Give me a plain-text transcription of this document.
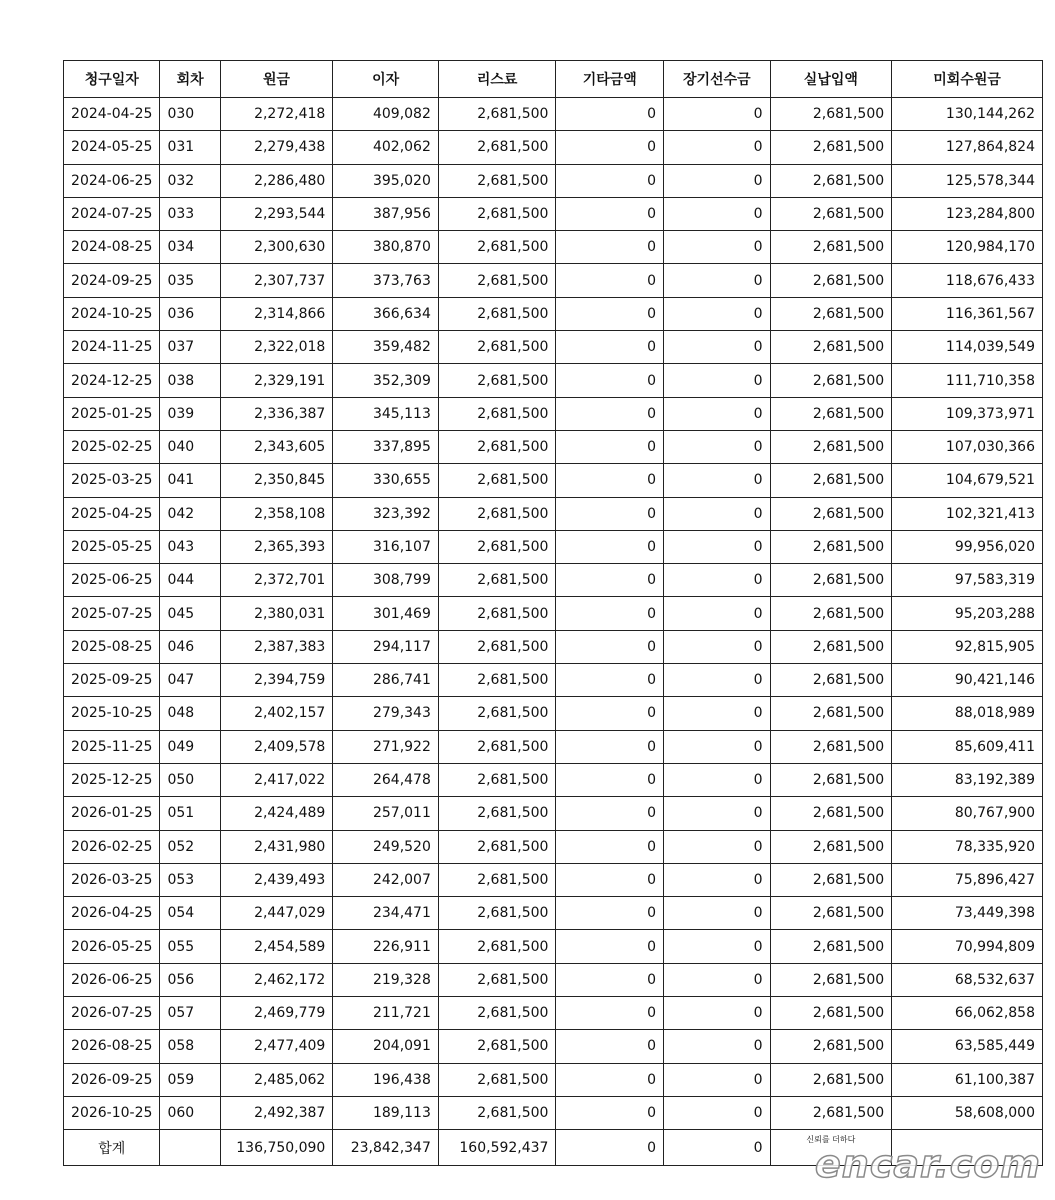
청구일자	회차	원금	이자	리스료	기타금액	장기선수금	실납입액	미회수원금
2024-04-25	030	2,272,418	409,082	2,681,500	0	0	2,681,500	130,144,262
2024-05-25	031	2,279,438	402,062	2,681,500	0	0	2,681,500	127,864,824
2024-06-25	032	2,286,480	395,020	2,681,500	0	0	2,681,500	125,578,344
2024-07-25	033	2,293,544	387,956	2,681,500	0	0	2,681,500	123,284,800
2024-08-25	034	2,300,630	380,870	2,681,500	0	0	2,681,500	120,984,170
2024-09-25	035	2,307,737	373,763	2,681,500	0	0	2,681,500	118,676,433
2024-10-25	036	2,314,866	366,634	2,681,500	0	0	2,681,500	116,361,567
2024-11-25	037	2,322,018	359,482	2,681,500	0	0	2,681,500	114,039,549
2024-12-25	038	2,329,191	352,309	2,681,500	0	0	2,681,500	111,710,358
2025-01-25	039	2,336,387	345,113	2,681,500	0	0	2,681,500	109,373,971
2025-02-25	040	2,343,605	337,895	2,681,500	0	0	2,681,500	107,030,366
2025-03-25	041	2,350,845	330,655	2,681,500	0	0	2,681,500	104,679,521
2025-04-25	042	2,358,108	323,392	2,681,500	0	0	2,681,500	102,321,413
2025-05-25	043	2,365,393	316,107	2,681,500	0	0	2,681,500	99,956,020
2025-06-25	044	2,372,701	308,799	2,681,500	0	0	2,681,500	97,583,319
2025-07-25	045	2,380,031	301,469	2,681,500	0	0	2,681,500	95,203,288
2025-08-25	046	2,387,383	294,117	2,681,500	0	0	2,681,500	92,815,905
2025-09-25	047	2,394,759	286,741	2,681,500	0	0	2,681,500	90,421,146
2025-10-25	048	2,402,157	279,343	2,681,500	0	0	2,681,500	88,018,989
2025-11-25	049	2,409,578	271,922	2,681,500	0	0	2,681,500	85,609,411
2025-12-25	050	2,417,022	264,478	2,681,500	0	0	2,681,500	83,192,389
2026-01-25	051	2,424,489	257,011	2,681,500	0	0	2,681,500	80,767,900
2026-02-25	052	2,431,980	249,520	2,681,500	0	0	2,681,500	78,335,920
2026-03-25	053	2,439,493	242,007	2,681,500	0	0	2,681,500	75,896,427
2026-04-25	054	2,447,029	234,471	2,681,500	0	0	2,681,500	73,449,398
2026-05-25	055	2,454,589	226,911	2,681,500	0	0	2,681,500	70,994,809
2026-06-25	056	2,462,172	219,328	2,681,500	0	0	2,681,500	68,532,637
2026-07-25	057	2,469,779	211,721	2,681,500	0	0	2,681,500	66,062,858
2026-08-25	058	2,477,409	204,091	2,681,500	0	0	2,681,500	63,585,449
2026-09-25	059	2,485,062	196,438	2,681,500	0	0	2,681,500	61,100,387
2026-10-25	060	2,492,387	189,113	2,681,500	0	0	2,681,500	58,608,000
합계		136,750,090	23,842,347	160,592,437	0	0	신뢰를 더하다	

encar.com
